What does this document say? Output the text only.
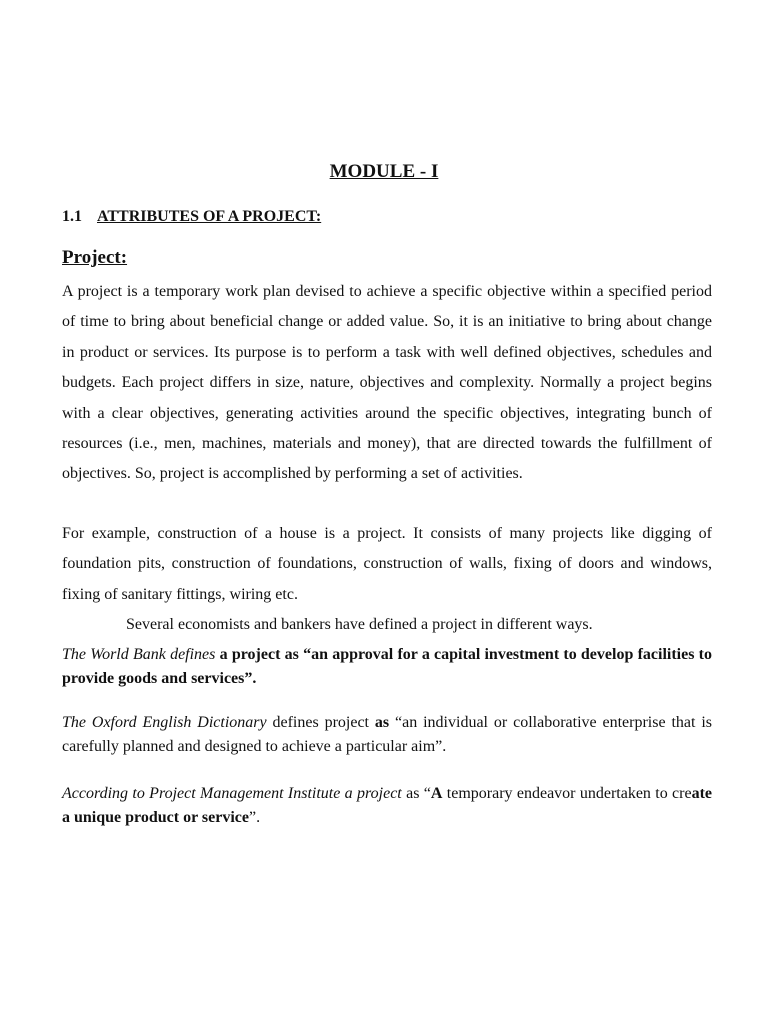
MODULE - I
1.1 ATTRIBUTES OF A PROJECT:
Project:

A project is a temporary work plan devised to achieve a specific objective within a specified period of time to bring about beneficial change or added value. So, it is an initiative to bring about change in product or services. Its purpose is to perform a task with well defined objectives, schedules and budgets. Each project differs in size, nature, objectives and complexity. Normally a project begins with a clear objectives, generating activities around the specific objectives, integrating bunch of resources (i.e., men, machines, materials and money), that are directed towards the fulfillment of objectives. So, project is accomplished by performing a set of activities.

For example, construction of a house is a project. It consists of many projects like digging of foundation pits, construction of foundations, construction of walls, fixing of doors and windows, fixing of sanitary fittings, wiring etc.

Several economists and bankers have defined a project in different ways.

The World Bank defines a project as “an approval for a capital investment to develop facilities to provide goods and services”.

The Oxford English Dictionary defines project as “an individual or collaborative enterprise that is carefully planned and designed to achieve a particular aim”.

According to Project Management Institute a project as “A temporary endeavor undertaken to create a unique product or service”.
